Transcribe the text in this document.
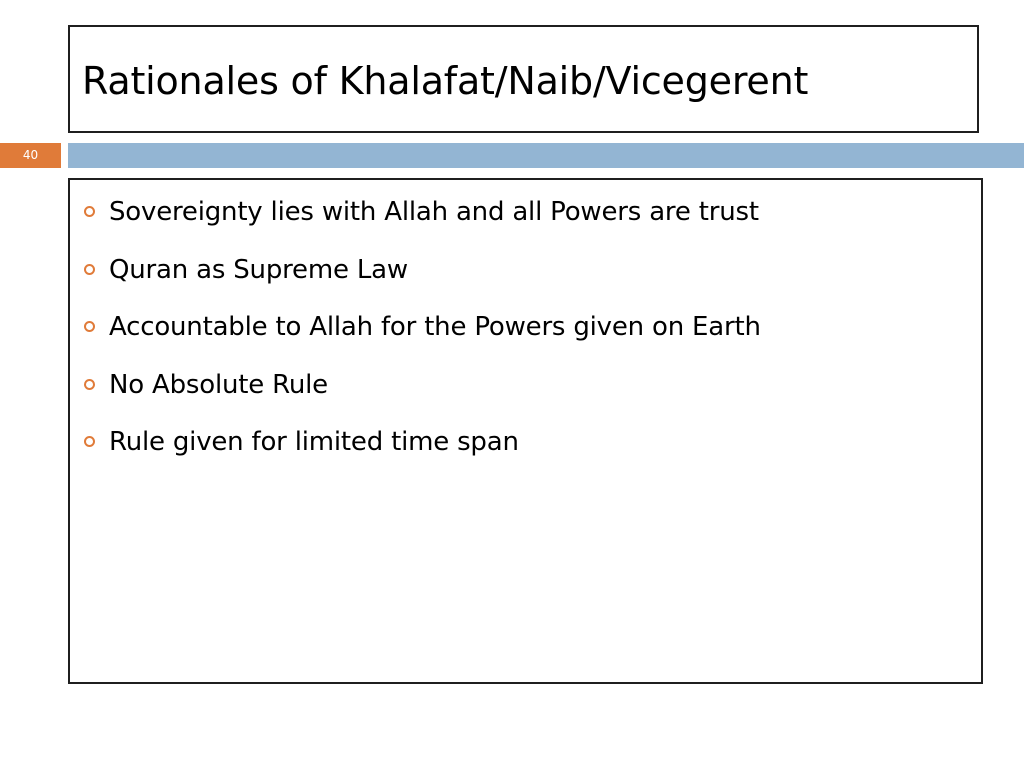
Rationales of Khalafat/Naib/Vicegerent
40
Sovereignty lies with Allah and all Powers are trust
Quran as Supreme Law
Accountable to Allah for the Powers given on Earth
No Absolute Rule
Rule given for limited time span
